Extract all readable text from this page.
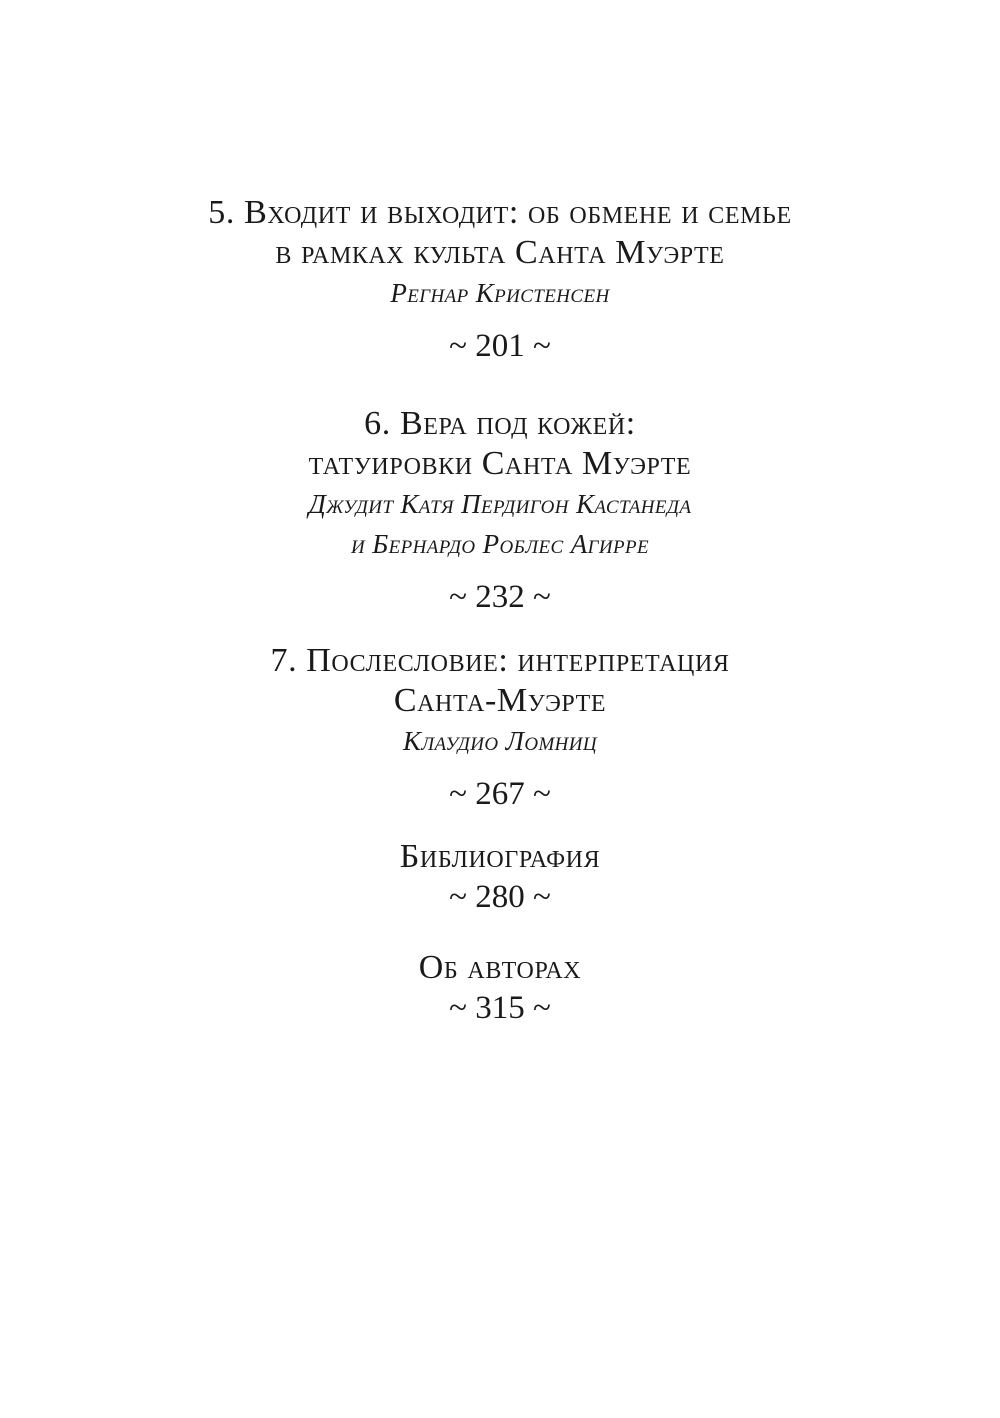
5. Входит и выходит: об обмене и семье
в рамках культа Санта Муэрте
Регнар Кристенсен
~ 201 ~
6. Вера под кожей:
татуировки Санта Муэрте
Джудит Катя Пердигон Кастанеда
и Бернардо Роблес Агирре
~ 232 ~
7. Послесловие: интерпретация
Санта-Муэрте
Клаудио Ломниц
~ 267 ~
Библиография
~ 280 ~
Об авторах
~ 315 ~
